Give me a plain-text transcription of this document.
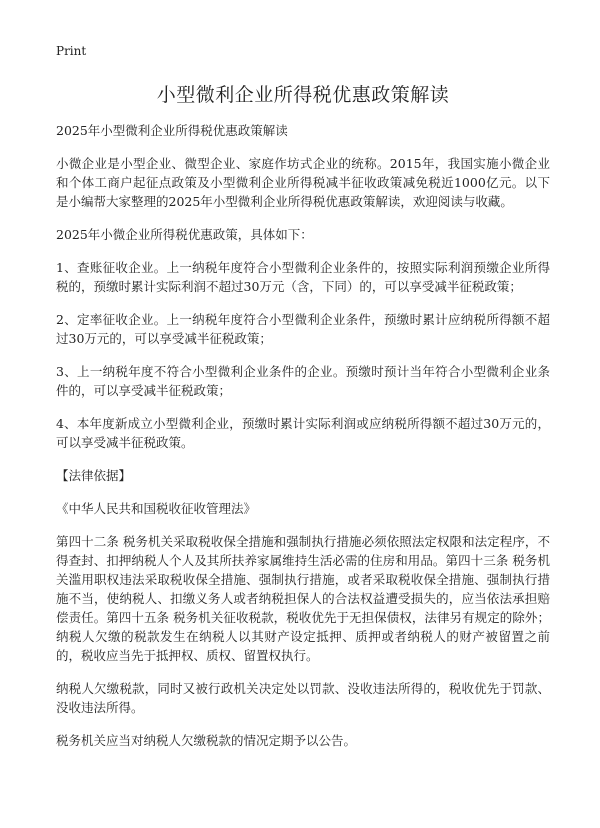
Print
小型微利企业所得税优惠政策解读

2025年小型微利企业所得税优惠政策解读

小微企业是小型企业、微型企业、家庭作坊式企业的统称。2015年，我国实施小微企业和个体工商户起征点政策及小型微利企业所得税减半征收政策减免税近1000亿元。以下是小编帮大家整理的2025年小型微利企业所得税优惠政策解读，欢迎阅读与收藏。

2025年小微企业所得税优惠政策，具体如下：

1、查账征收企业。上一纳税年度符合小型微利企业条件的，按照实际利润预缴企业所得税的，预缴时累计实际利润不超过30万元（含，下同）的，可以享受减半征税政策；

2、定率征收企业。上一纳税年度符合小型微利企业条件，预缴时累计应纳税所得额不超过30万元的，可以享受减半征税政策；

3、上一纳税年度不符合小型微利企业条件的企业。预缴时预计当年符合小型微利企业条件的，可以享受减半征税政策；

4、本年度新成立小型微利企业，预缴时累计实际利润或应纳税所得额不超过30万元的，可以享受减半征税政策。

【法律依据】

《中华人民共和国税收征收管理法》

第四十二条 税务机关采取税收保全措施和强制执行措施必须依照法定权限和法定程序，不得查封、扣押纳税人个人及其所扶养家属维持生活必需的住房和用品。第四十三条 税务机关滥用职权违法采取税收保全措施、强制执行措施，或者采取税收保全措施、强制执行措施不当，使纳税人、扣缴义务人或者纳税担保人的合法权益遭受损失的，应当依法承担赔偿责任。第四十五条 税务机关征收税款，税收优先于无担保债权，法律另有规定的除外；纳税人欠缴的税款发生在纳税人以其财产设定抵押、质押或者纳税人的财产被留置之前的，税收应当先于抵押权、质权、留置权执行。

纳税人欠缴税款，同时又被行政机关决定处以罚款、没收违法所得的，税收优先于罚款、没收违法所得。

税务机关应当对纳税人欠缴税款的情况定期予以公告。
